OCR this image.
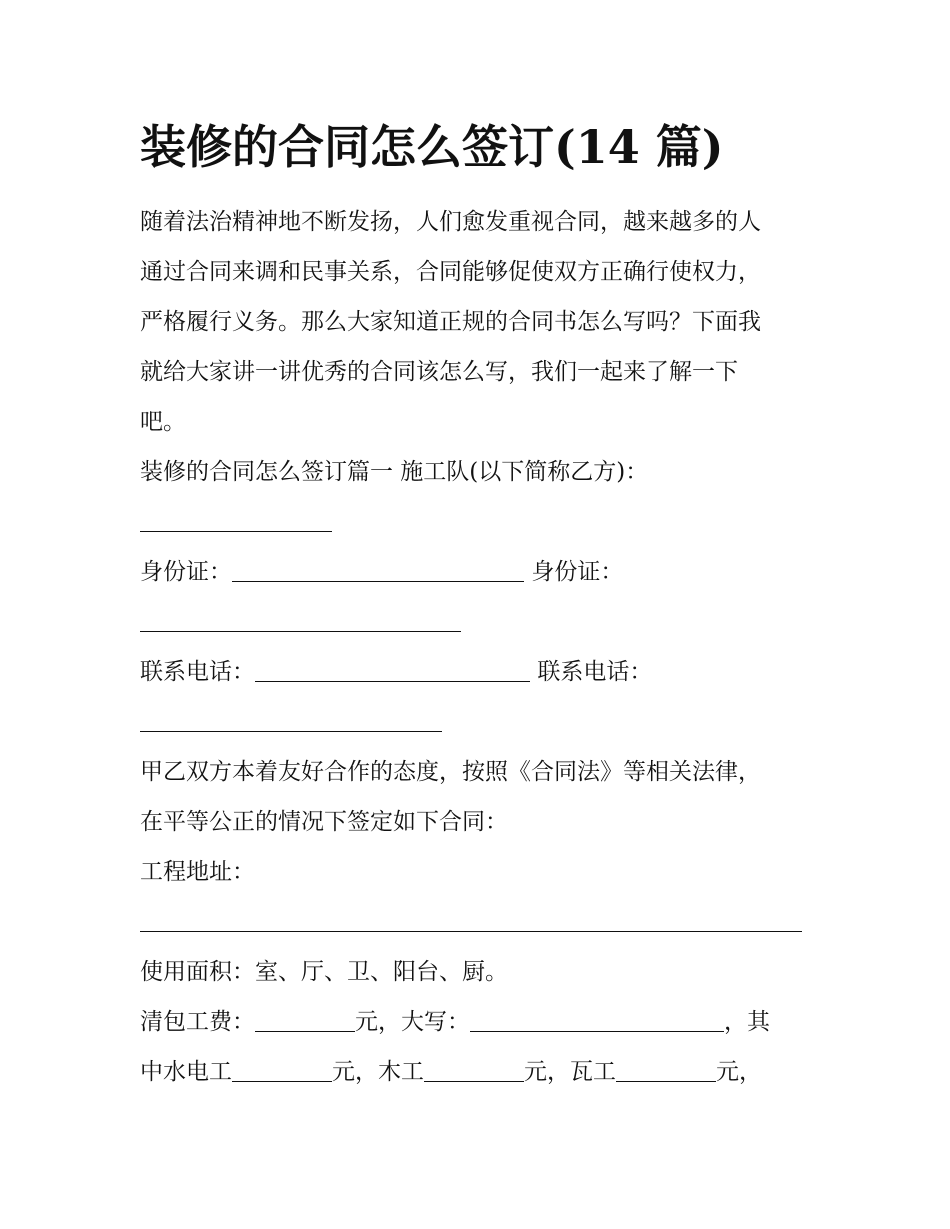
装修的合同怎么签订(14 篇)
随着法治精神地不断发扬，人们愈发重视合同，越来越多的人
通过合同来调和民事关系，合同能够促使双方正确行使权力，
严格履行义务。那么大家知道正规的合同书怎么写吗？下面我
就给大家讲一讲优秀的合同该怎么写，我们一起来了解一下
吧。
装修的合同怎么签订篇一 施工队(以下简称乙方)：
身份证：	身份证：
联系电话：	联系电话：
甲乙双方本着友好合作的态度，按照《合同法》等相关法律，
在平等公正的情况下签定如下合同：
工程地址：
使用面积：室、厅、卫、阳台、厨。
清包工费：	元，大写：	，其
中水电工	元，木工	元，瓦工	元，
